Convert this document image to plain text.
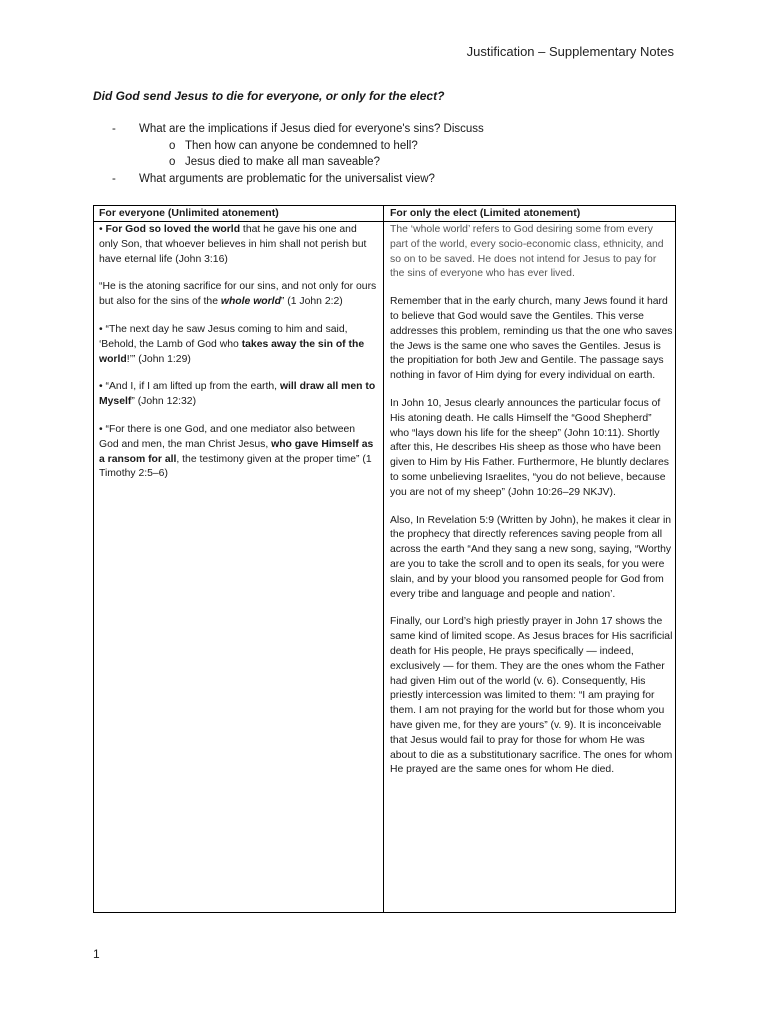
Justification – Supplementary Notes
Did God send Jesus to die for everyone, or only for the elect?
- What are the implications if Jesus died for everyone's sins? Discuss
o Then how can anyone be condemned to hell?
o Jesus died to make all man saveable?
- What arguments are problematic for the universalist view?
For everyone (Unlimited atonement)	For only the elect (Limited atonement)

• For God so loved the world that he gave his one and only Son, that whoever believes in him shall not perish but have eternal life (John 3:16)

“He is the atoning sacrifice for our sins, and not only for ours but also for the sins of the whole world” (1 John 2:2)

• “The next day he saw Jesus coming to him and said, ‘Behold, the Lamb of God who takes away the sin of the world!’” (John 1:29)

• “And I, if I am lifted up from the earth, will draw all men to Myself” (John 12:32)

• “For there is one God, and one mediator also between God and men, the man Christ Jesus, who gave Himself as a ransom for all, the testimony given at the proper time” (1 Timothy 2:5–6)

The ‘whole world’ refers to God desiring some from every part of the world, every socio-economic class, ethnicity, and so on to be saved. He does not intend for Jesus to pay for the sins of everyone who has ever lived.

Remember that in the early church, many Jews found it hard to believe that God would save the Gentiles. This verse addresses this problem, reminding us that the one who saves the Jews is the same one who saves the Gentiles. Jesus is the propitiation for both Jew and Gentile. The passage says nothing in favor of Him dying for every individual on earth.

In John 10, Jesus clearly announces the particular focus of His atoning death. He calls Himself the “Good Shepherd” who “lays down his life for the sheep” (John 10:11). Shortly after this, He describes His sheep as those who have been given to Him by His Father. Furthermore, He bluntly declares to some unbelieving Israelites, “you do not believe, because you are not of my sheep” (John 10:26–29 NKJV).

Also, In Revelation 5:9 (Written by John), he makes it clear in the prophecy that directly references saving people from all across the earth “And they sang a new song, saying, “Worthy are you to take the scroll and to open its seals, for you were slain, and by your blood you ransomed people for God from every tribe and language and people and nation’.

Finally, our Lord’s high priestly prayer in John 17 shows the same kind of limited scope. As Jesus braces for His sacrificial death for His people, He prays specifically — indeed, exclusively — for them. They are the ones whom the Father had given Him out of the world (v. 6). Consequently, His priestly intercession was limited to them: “I am praying for them. I am not praying for the world but for those whom you have given me, for they are yours” (v. 9). It is inconceivable that Jesus would fail to pray for those for whom He was about to die as a substitutionary sacrifice. The ones for whom He prayed are the same ones for whom He died.

1
